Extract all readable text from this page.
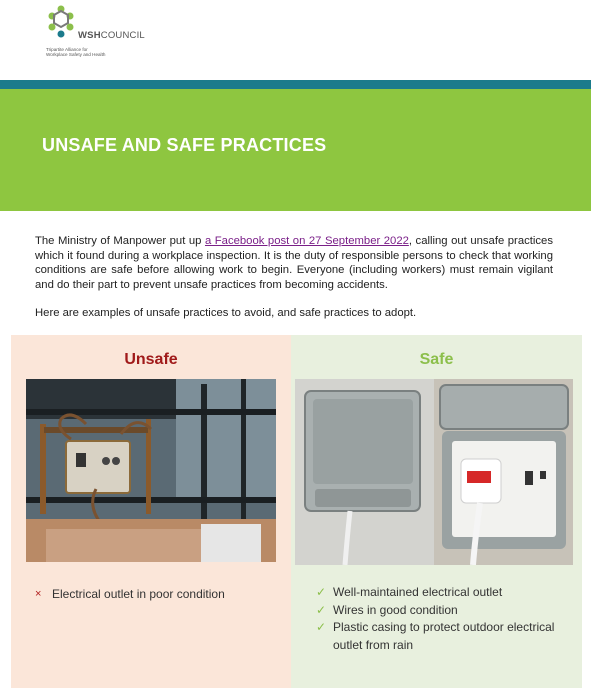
WSHCOUNCIL
Tripartite Alliance for
Workplace Safety and Health
UNSAFE AND SAFE PRACTICES

The Ministry of Manpower put up a Facebook post on 27 September 2022, calling out unsafe practices which it found during a workplace inspection. It is the duty of responsible persons to check that working conditions are safe before allowing work to begin. Everyone (including workers) must remain vigilant and do their part to prevent unsafe practices from becoming accidents.

Here are examples of unsafe practices to avoid, and safe practices to adopt.
Unsafe
× Electrical outlet in poor condition
Safe
✓ Well-maintained electrical outlet
✓ Wires in good condition
✓ Plastic casing to protect outdoor electrical outlet from rain
